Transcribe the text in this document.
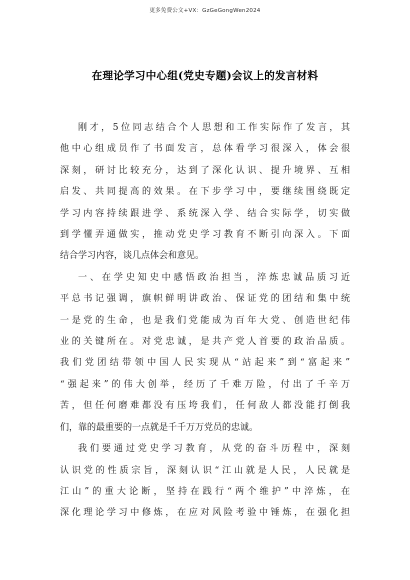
更多免费公文+VX：GzGeGongWen2024
在理论学习中心组(党史专题)会议上的发言材料

刚才，5位同志结合个人思想和工作实际作了发言，其
他中心组成员作了书面发言，总体看学习很深入，体会很
深刻，研讨比较充分，达到了深化认识、提升境界、互相
启发、共同提高的效果。在下步学习中，要继续围绕既定
学习内容持续跟进学、系统深入学、结合实际学，切实做
到学懂弄通做实，推动党史学习教育不断引向深入。下面
结合学习内容，谈几点体会和意见。

一、在学史知史中感悟政治担当，淬炼忠诚品质习近
平总书记强调，旗帜鲜明讲政治、保证党的团结和集中统
一是党的生命，也是我们党能成为百年大党、创造世纪伟
业的关键所在。对党忠诚，是共产党人首要的政治品质。
我们党团结带领中国人民实现从“站起来”到“富起来”
“强起来”的伟大创举，经历了千难万险，付出了千辛万
苦，但任何磨难都没有压垮我们，任何敌人都没能打倒我
们，靠的最重要的一点就是千千万万党员的忠诚。

我们要通过党史学习教育，从党的奋斗历程中，深刻
认识党的性质宗旨，深刻认识“江山就是人民，人民就是
江山”的重大论断，坚持在践行“两个维护”中淬炼，在
深化理论学习中修炼，在应对风险考验中锤炼，在强化担
